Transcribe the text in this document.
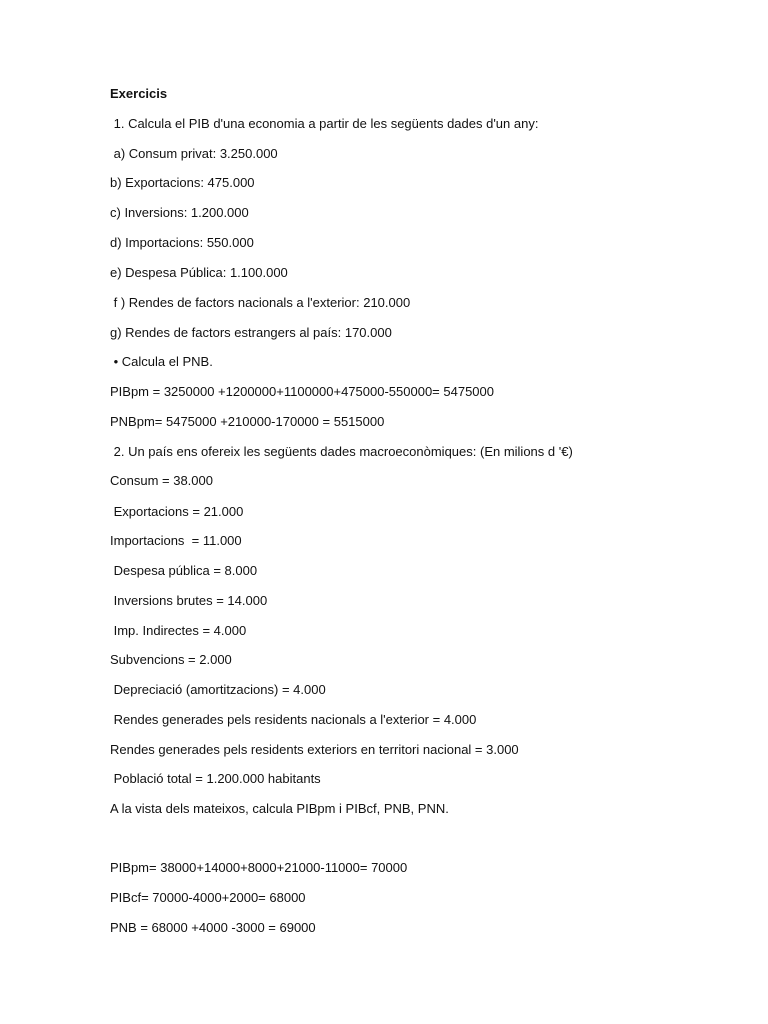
Exercicis
1. Calcula el PIB d'una economia a partir de les següents dades d'un any:
a) Consum privat: 3.250.000
b) Exportacions: 475.000
c) Inversions: 1.200.000
d) Importacions: 550.000
e) Despesa Pública: 1.100.000
f ) Rendes de factors nacionals a l'exterior: 210.000
g) Rendes de factors estrangers al país: 170.000
• Calcula el PNB.
PIBpm = 3250000 +1200000+1100000+475000-550000= 5475000
PNBpm= 5475000 +210000-170000 = 5515000
2. Un país ens ofereix les següents dades macroeconòmiques: (En milions d '€)
Consum = 38.000
Exportacions = 21.000
Importacions  = 11.000
Despesa pública = 8.000
Inversions brutes = 14.000
Imp. Indirectes = 4.000
Subvencions = 2.000
Depreciació (amortitzacions) = 4.000
Rendes generades pels residents nacionals a l'exterior = 4.000
Rendes generades pels residents exteriors en territori nacional = 3.000
Població total = 1.200.000 habitants
A la vista dels mateixos, calcula PIBpm i PIBcf, PNB, PNN.
PIBpm= 38000+14000+8000+21000-11000= 70000
PIBcf= 70000-4000+2000= 68000
PNB = 68000 +4000 -3000 = 69000
